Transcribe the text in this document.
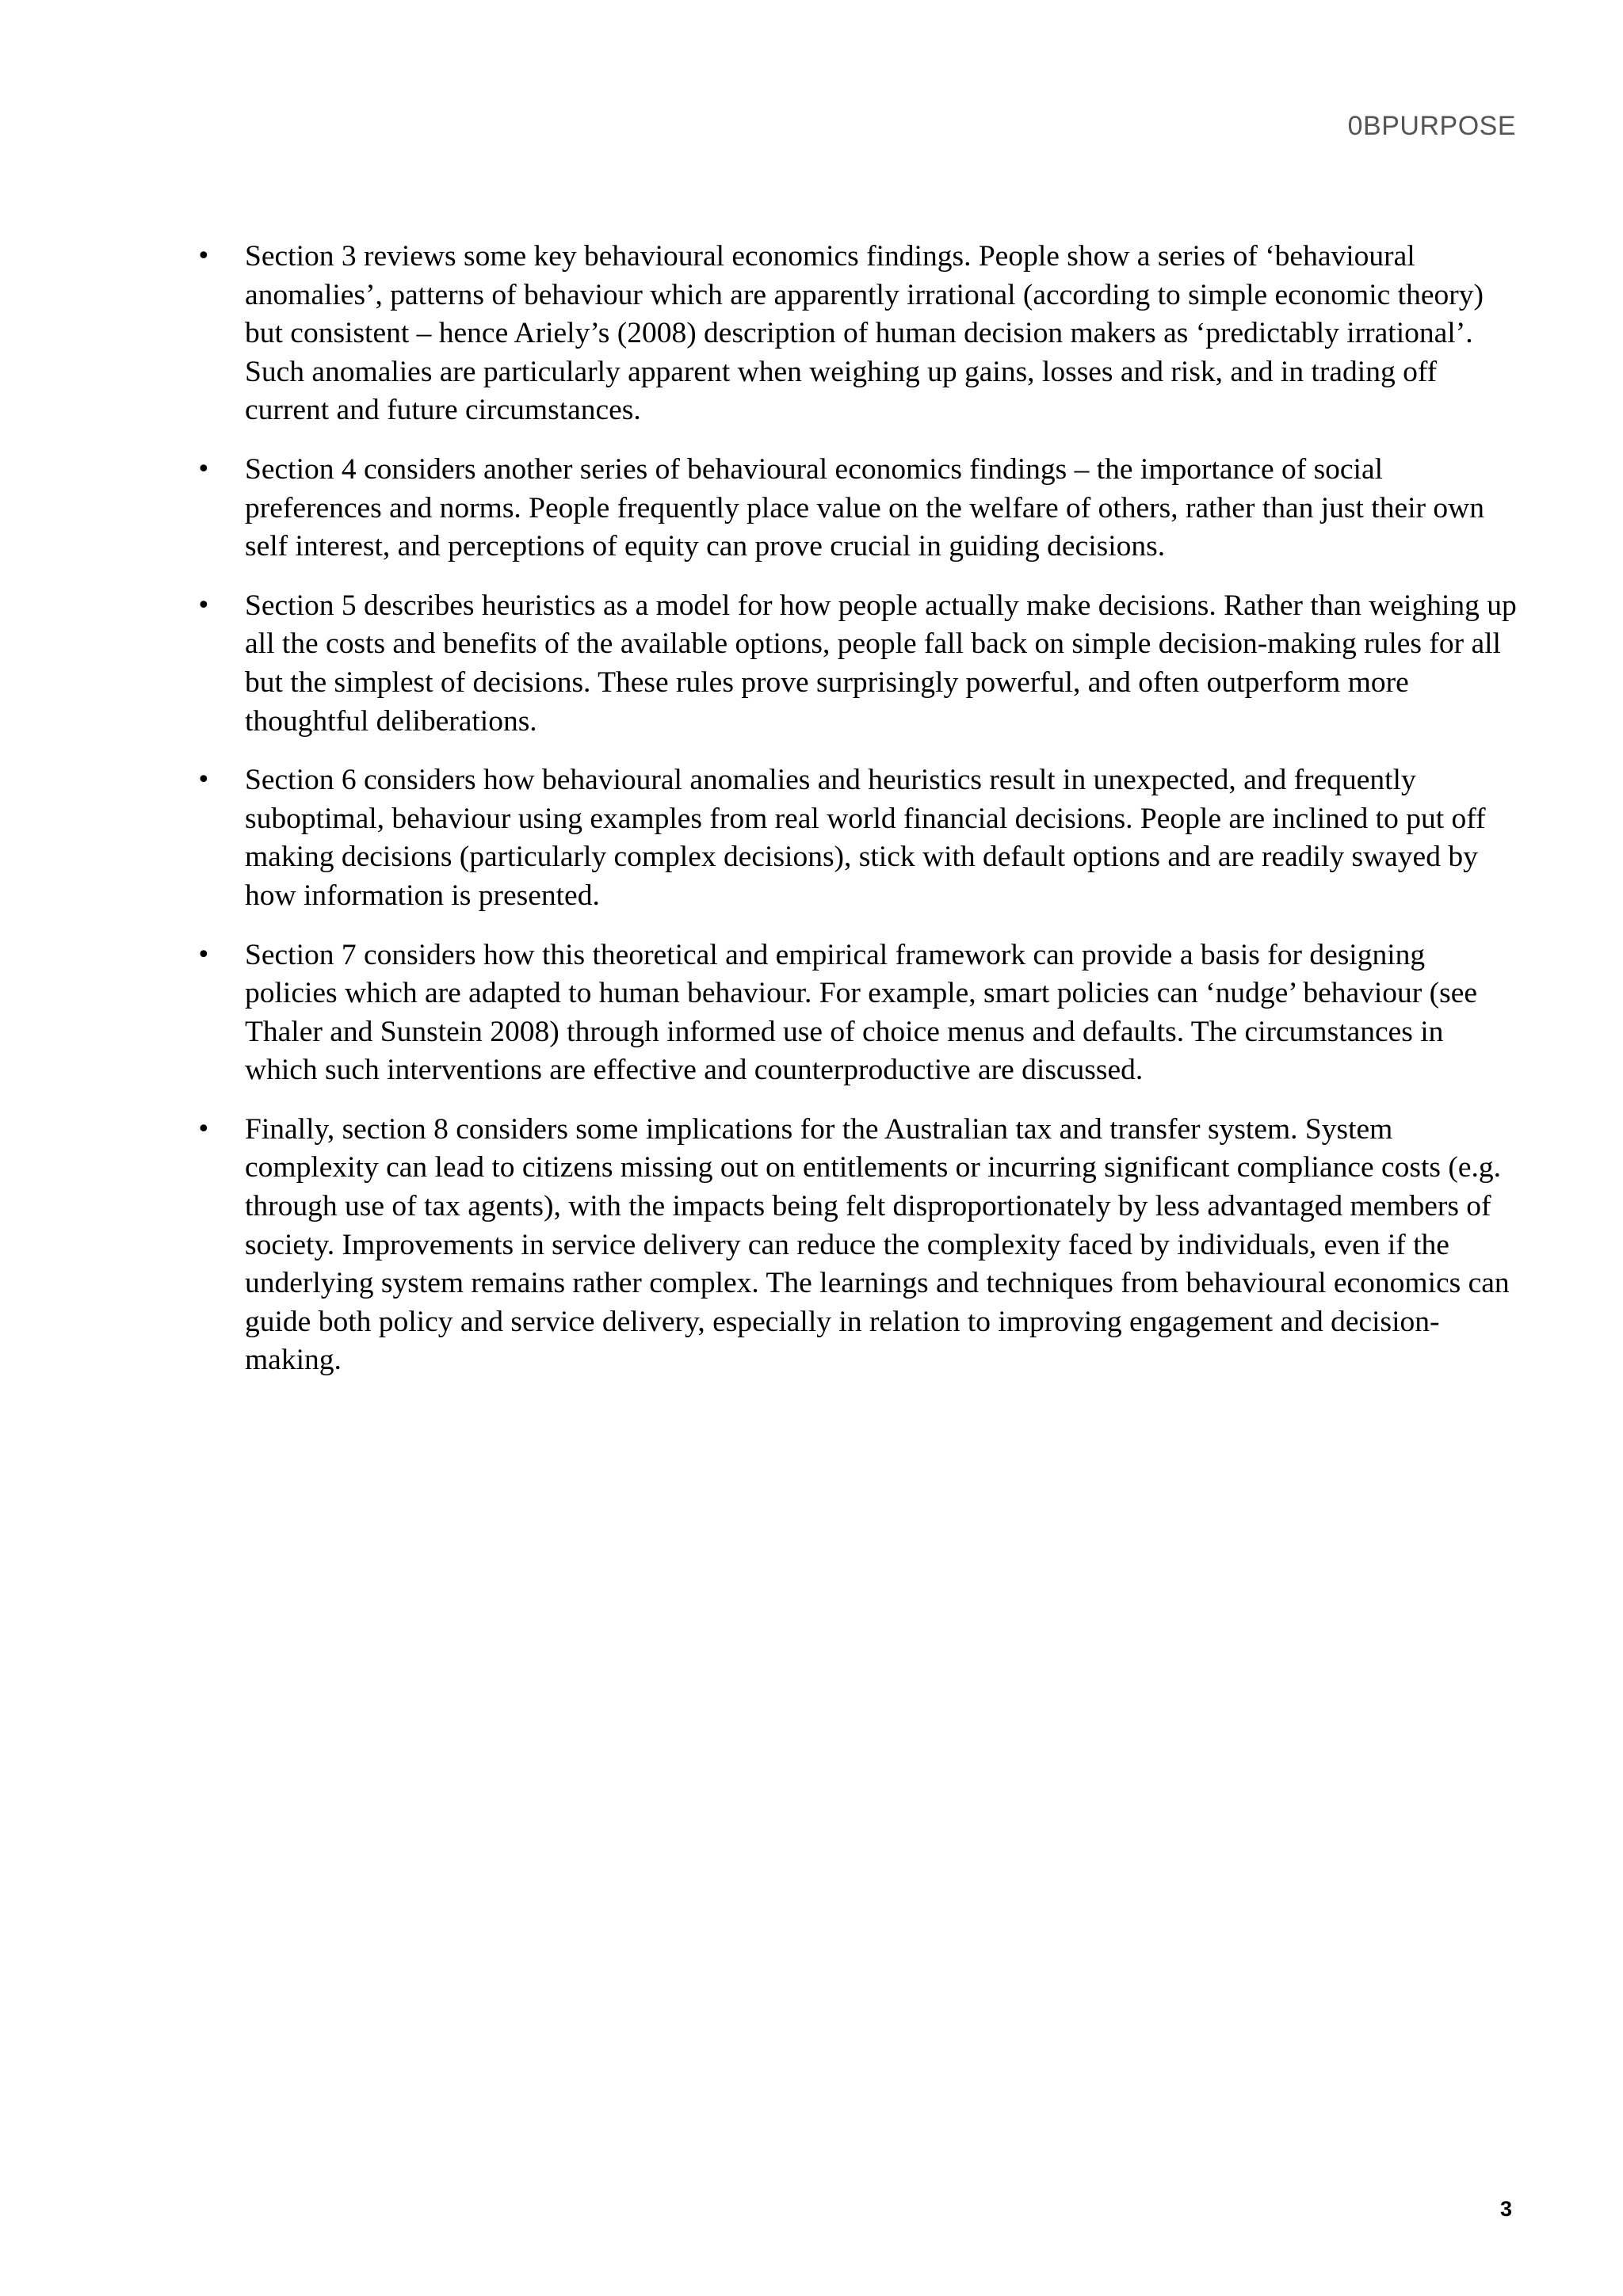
0BPURPOSE
• Section 3 reviews some key behavioural economics findings. People show a series of ‘behavioural anomalies’, patterns of behaviour which are apparently irrational (according to simple economic theory) but consistent – hence Ariely’s (2008) description of human decision makers as ‘predictably irrational’. Such anomalies are particularly apparent when weighing up gains, losses and risk, and in trading off current and future circumstances.
• Section 4 considers another series of behavioural economics findings – the importance of social preferences and norms. People frequently place value on the welfare of others, rather than just their own self interest, and perceptions of equity can prove crucial in guiding decisions.
• Section 5 describes heuristics as a model for how people actually make decisions. Rather than weighing up all the costs and benefits of the available options, people fall back on simple decision-making rules for all but the simplest of decisions. These rules prove surprisingly powerful, and often outperform more thoughtful deliberations.
• Section 6 considers how behavioural anomalies and heuristics result in unexpected, and frequently suboptimal, behaviour using examples from real world financial decisions. People are inclined to put off making decisions (particularly complex decisions), stick with default options and are readily swayed by how information is presented.
• Section 7 considers how this theoretical and empirical framework can provide a basis for designing policies which are adapted to human behaviour. For example, smart policies can ‘nudge’ behaviour (see Thaler and Sunstein 2008) through informed use of choice menus and defaults. The circumstances in which such interventions are effective and counterproductive are discussed.
• Finally, section 8 considers some implications for the Australian tax and transfer system. System complexity can lead to citizens missing out on entitlements or incurring significant compliance costs (e.g. through use of tax agents), with the impacts being felt disproportionately by less advantaged members of society. Improvements in service delivery can reduce the complexity faced by individuals, even if the underlying system remains rather complex. The learnings and techniques from behavioural economics can guide both policy and service delivery, especially in relation to improving engagement and decision-making.
3
